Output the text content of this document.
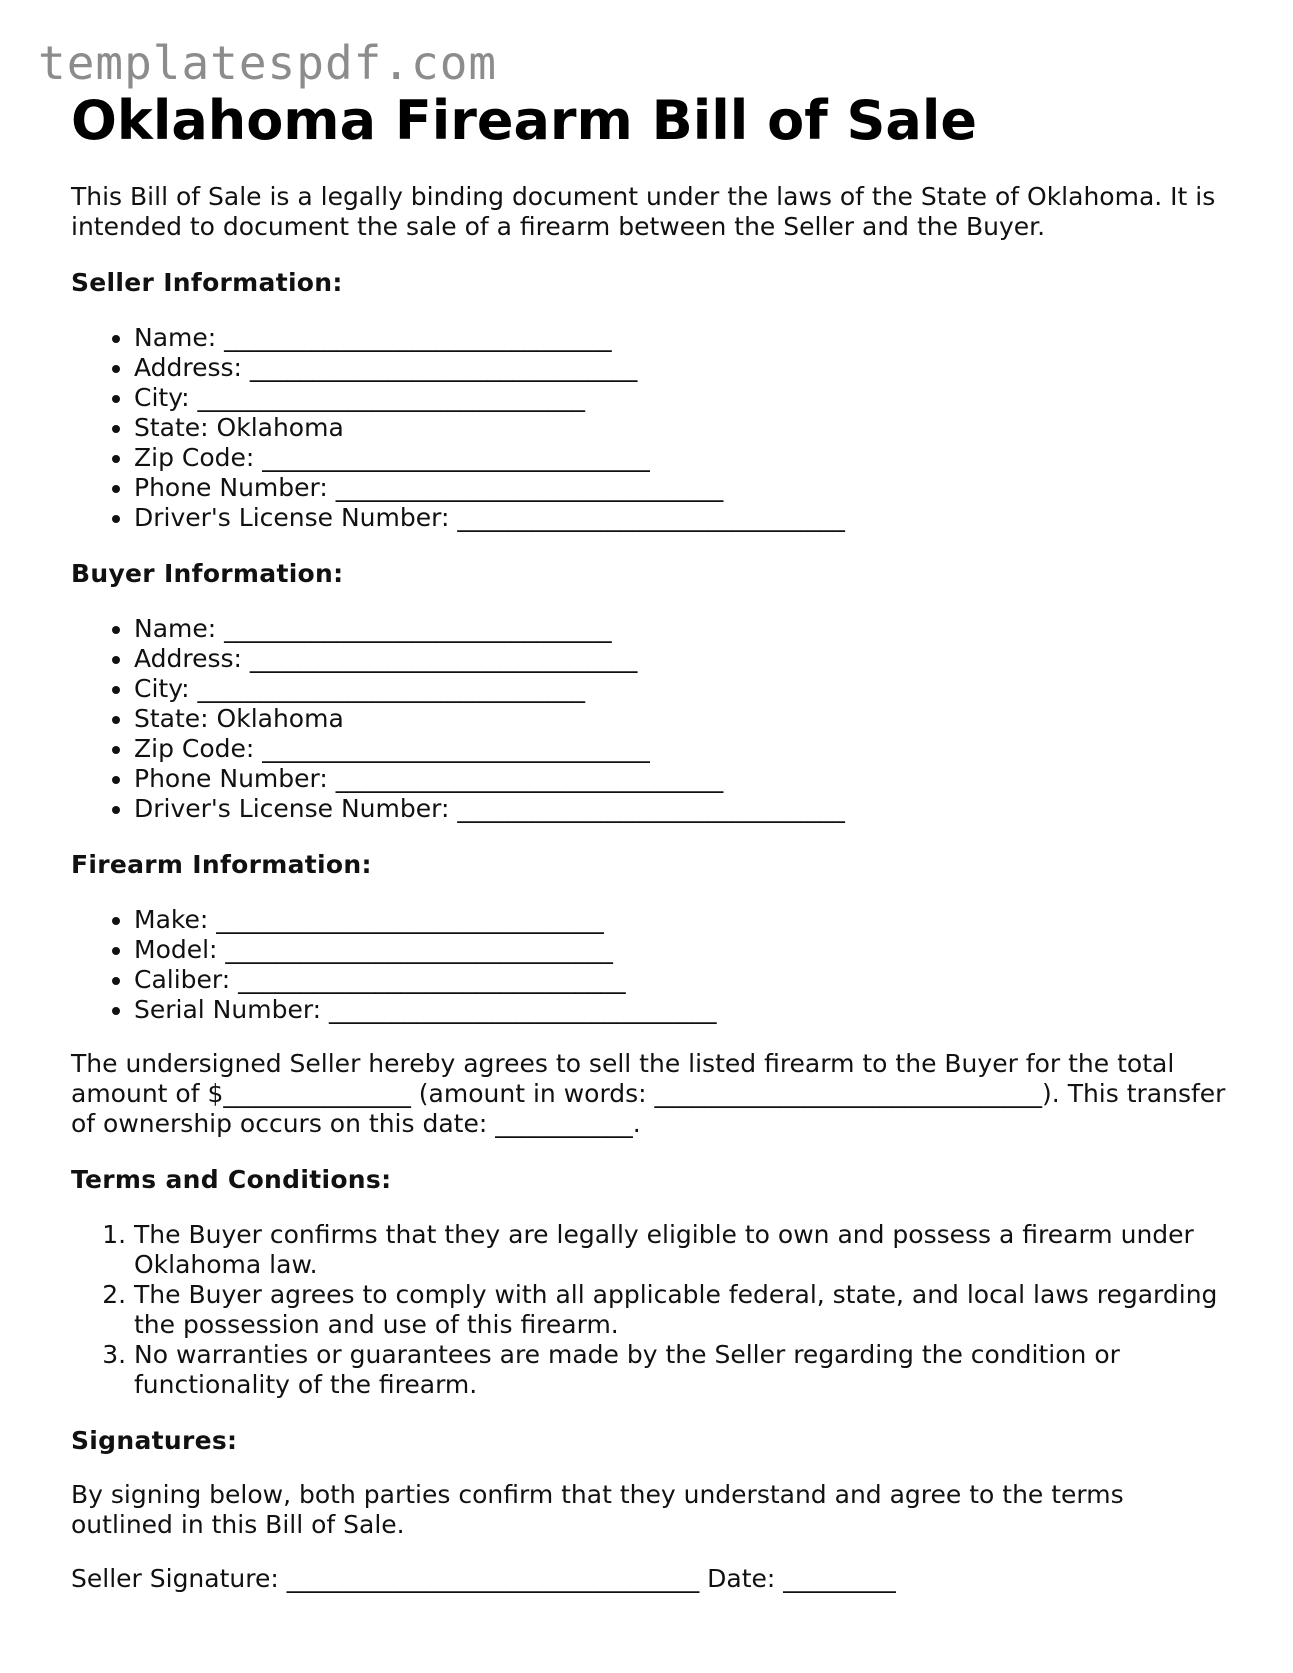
templatespdf.com
Oklahoma Firearm Bill of Sale

This Bill of Sale is a legally binding document under the laws of the State of Oklahoma. It is intended to document the sale of a firearm between the Seller and the Buyer.

Seller Information:
• Name: _______________________________
• Address: _______________________________
• City: _______________________________
• State: Oklahoma
• Zip Code: _______________________________
• Phone Number: _______________________________
• Driver's License Number: _______________________________
Buyer Information:
• Name: _______________________________
• Address: _______________________________
• City: _______________________________
• State: Oklahoma
• Zip Code: _______________________________
• Phone Number: _______________________________
• Driver's License Number: _______________________________
Firearm Information:
• Make: _______________________________
• Model: _______________________________
• Caliber: _______________________________
• Serial Number: _______________________________

The undersigned Seller hereby agrees to sell the listed firearm to the Buyer for the total amount of $_______________ (amount in words: _______________________________). This transfer of ownership occurs on this date: ___________.

Terms and Conditions:
1. The Buyer confirms that they are legally eligible to own and possess a firearm under Oklahoma law.
2. The Buyer agrees to comply with all applicable federal, state, and local laws regarding the possession and use of this firearm.
3. No warranties or guarantees are made by the Seller regarding the condition or functionality of the firearm.
Signatures:

By signing below, both parties confirm that they understand and agree to the terms outlined in this Bill of Sale.

Seller Signature: _________________________________ Date: _________
